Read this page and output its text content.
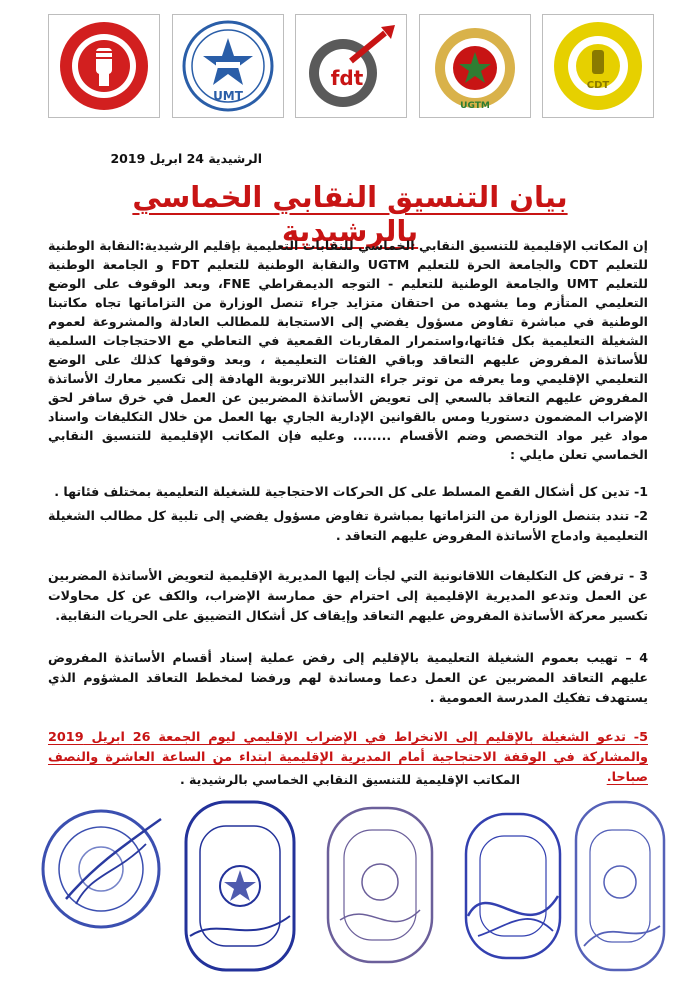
UMT
fdt
UGTM
CDT
الرشيدية 24 ابريل 2019
بيان التنسيق النقابي الخماسي بالرشيدية
إن المكاتب الإقليمية للتنسيق النقابي الخماسي للنقابات التعليمية بإقليم الرشيدية:النقابة الوطنية للتعليم CDT والجامعة الحرة للتعليم UGTM والنقابة الوطنية للتعليم FDT و الجامعة الوطنية للتعليم UMT والجامعة الوطنية للتعليم - التوجه الديمقراطي FNE، وبعد الوقوف على الوضع التعليمي المتأزم وما يشهده من احتقان متزايد جراء تنصل الوزارة من التزاماتها تجاه مكاتبنا الوطنية في مباشرة تفاوض مسؤول يفضي إلى الاستجابة للمطالب العادلة والمشروعة لعموم الشغيلة التعليمية بكل فئاتها،واستمرار المقاربات القمعية في التعاطي مع الاحتجاجات السلمية للأساتذة المفروض عليهم التعاقد وباقي الفئات التعليمية ، وبعد وقوفها كذلك على الوضع التعليمي الإقليمي وما يعرفه من توتر جراء التدابير اللاتربوية الهادفة إلى تكسير معارك الأساتذة المفروض عليهم التعاقد بالسعي إلى تعويض الأساتذة المضربين عن العمل في خرق سافر لحق الإضراب المضمون دستوريا ومس بالقوانين الإدارية الجاري بها العمل من خلال التكليفات واسناد مواد غير مواد التخصص وضم الأقسام ........ وعليه فإن المكاتب الإقليمية للتنسيق النقابي الخماسي تعلن مايلي :
1- تدين كل أشكال القمع المسلط على كل الحركات الاحتجاجية للشغيلة التعليمية بمختلف فئاتها .
2- تندد بتنصل الوزارة من التزاماتها بمباشرة تفاوض مسؤول يفضي إلى تلبية كل مطالب الشغيلة التعليمية وادماج الأساتذة المفروض عليهم التعاقد .
3 - ترفض كل التكليفات اللاقانونية التي لجأت إليها المديرية الإقليمية لتعويض الأساتذة المضربين عن العمل وتدعو المديرية الإقليمية إلى احترام حق ممارسة الإضراب، والكف عن كل محاولات تكسير معركة الأساتذة المفروض عليهم التعاقد وإيقاف كل أشكال التضييق على الحريات النقابية.
4 – تهيب بعموم الشغيلة التعليمية بالإقليم إلى رفض عملية إسناد أقسام الأساتذة المفروض عليهم التعاقد المضربين عن العمل دعما ومساندة لهم ورفضا لمخطط التعاقد المشؤوم الذي يستهدف تفكيك المدرسة العمومية .
5- تدعو الشغيلة بالإقليم إلى الانخراط في الإضراب الإقليمي ليوم الجمعة 26 ابريل 2019 والمشاركة في الوقفة الاحتجاجية أمام المديرية الإقليمية ابتداء من الساعة العاشرة والنصف صباحا.
المكاتب الإقليمية للتنسيق النقابي الخماسي بالرشيدية .
